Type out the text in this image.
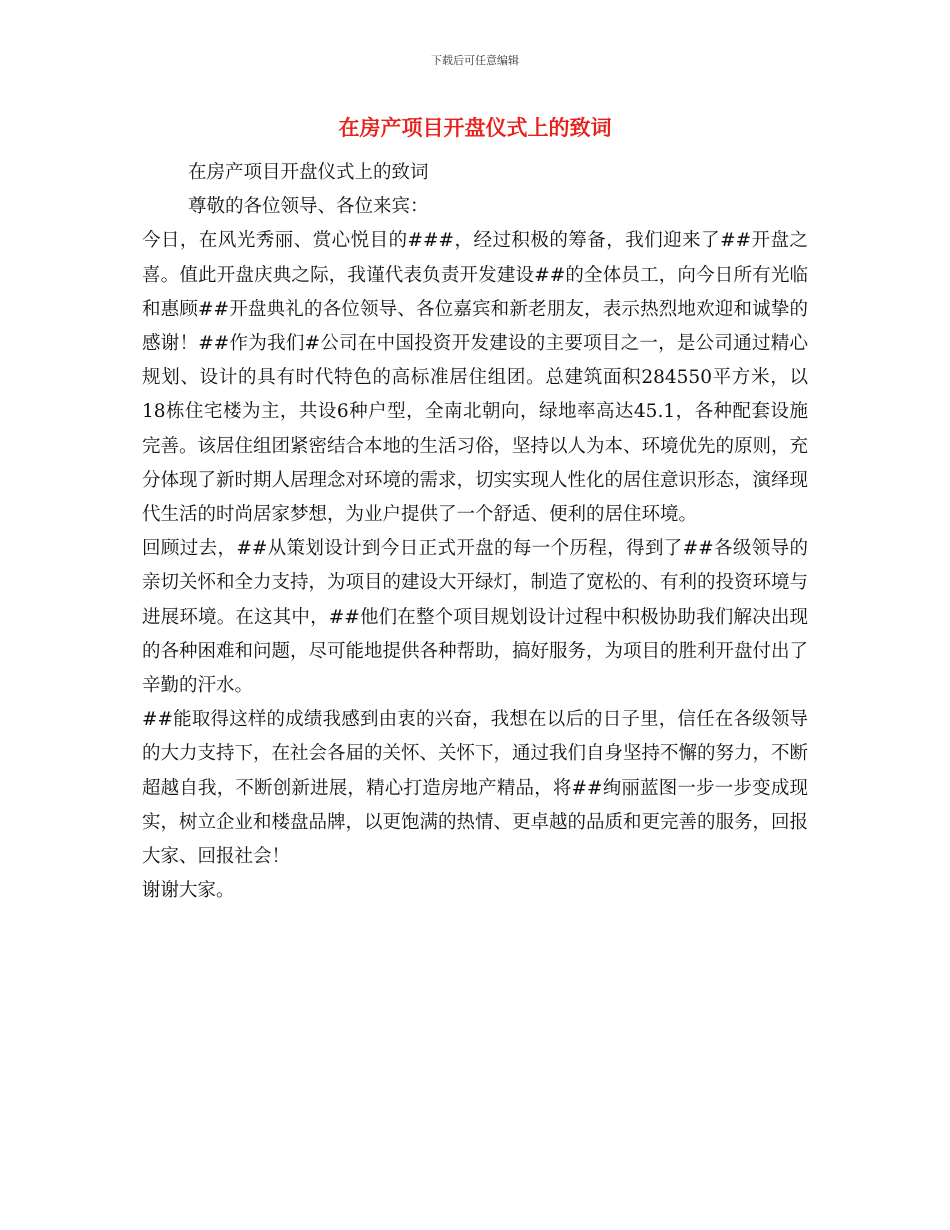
下载后可任意编辑
在房产项目开盘仪式上的致词

在房产项目开盘仪式上的致词

尊敬的各位领导、各位来宾：

今日，在风光秀丽、赏心悦目的###，经过积极的筹备，我们迎来了##开盘之喜。值此开盘庆典之际，我谨代表负责开发建设##的全体员工，向今日所有光临和惠顾##开盘典礼的各位领导、各位嘉宾和新老朋友，表示热烈地欢迎和诚挚的感谢！##作为我们#公司在中国投资开发建设的主要项目之一，是公司通过精心规划、设计的具有时代特色的高标准居住组团。总建筑面积284550平方米，以18栋住宅楼为主，共设6种户型，全南北朝向，绿地率高达45.1，各种配套设施完善。该居住组团紧密结合本地的生活习俗，坚持以人为本、环境优先的原则，充分体现了新时期人居理念对环境的需求，切实实现人性化的居住意识形态，演绎现代生活的时尚居家梦想，为业户提供了一个舒适、便利的居住环境。

回顾过去，##从策划设计到今日正式开盘的每一个历程，得到了##各级领导的亲切关怀和全力支持，为项目的建设大开绿灯，制造了宽松的、有利的投资环境与进展环境。在这其中，##他们在整个项目规划设计过程中积极协助我们解决出现的各种困难和问题，尽可能地提供各种帮助，搞好服务，为项目的胜利开盘付出了辛勤的汗水。

##能取得这样的成绩我感到由衷的兴奋，我想在以后的日子里，信任在各级领导的大力支持下，在社会各届的关怀、关怀下，通过我们自身坚持不懈的努力，不断超越自我，不断创新进展，精心打造房地产精品，将##绚丽蓝图一步一步变成现实，树立企业和楼盘品牌，以更饱满的热情、更卓越的品质和更完善的服务，回报大家、回报社会！

谢谢大家。
